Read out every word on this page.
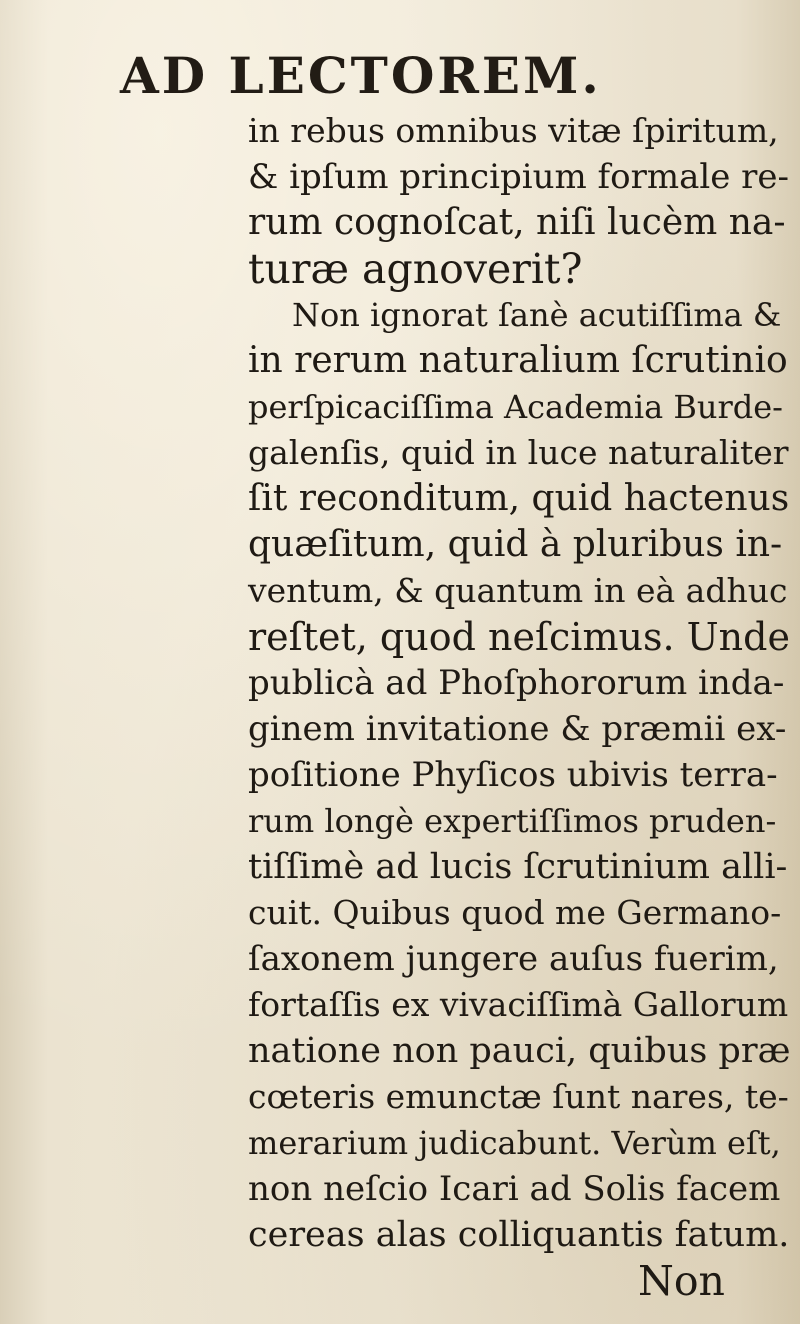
AD LECTOREM.
in rebus omnibus vitæ ſpiritum,
& ipſum principium formale re-
rum cognoſcat, niſi lucèm na-
turæ agnoverit?
Non ignorat ſanè acutiſſima &
in rerum naturalium ſcrutinio
perſpicaciſſima Academia Burde-
galenſis, quid in luce naturaliter
ſit reconditum, quid hactenus
quæſitum, quid à pluribus in-
ventum, & quantum in eà adhuc
reſtet, quod neſcimus. Unde
publicà ad Phoſphororum inda-
ginem invitatione & præmii ex-
poſitione Phyſicos ubivis terra-
rum longè expertiſſimos pruden-
tiſſimè ad lucis ſcrutinium alli-
cuit. Quibus quod me Germano-
ſaxonem jungere auſus fuerim,
fortaſſis ex vivaciſſimà Gallorum
natione non pauci, quibus præ
cœteris emunctæ ſunt nares, te-
merarium judicabunt. Verùm eſt,
non neſcio Icari ad Solis facem
cereas alas colliquantis fatum.
Non
